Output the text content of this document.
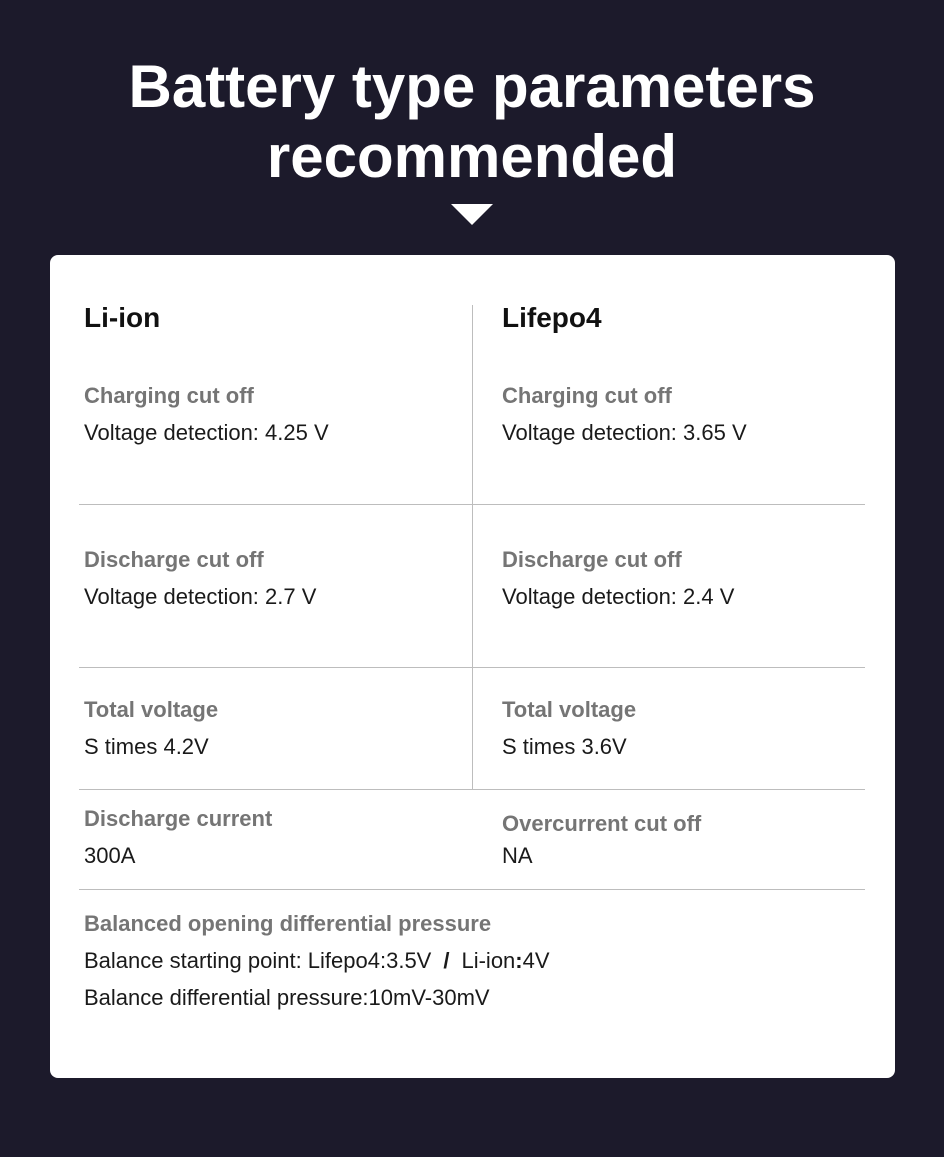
Battery type parameters
recommended
Li-ion	Lifepo4
Charging cut off
Voltage detection: 4.25 V
Charging cut off
Voltage detection: 3.65 V
Discharge cut off
Voltage detection: 2.7 V
Discharge cut off
Voltage detection: 2.4 V
Total voltage
S times 4.2V
Total voltage
S times 3.6V
Discharge current
300A
Overcurrent cut off
NA
Balanced opening differential pressure
Balance starting point: Lifepo4:3.5V / Li-ion:4V
Balance differential pressure:10mV-30mV
